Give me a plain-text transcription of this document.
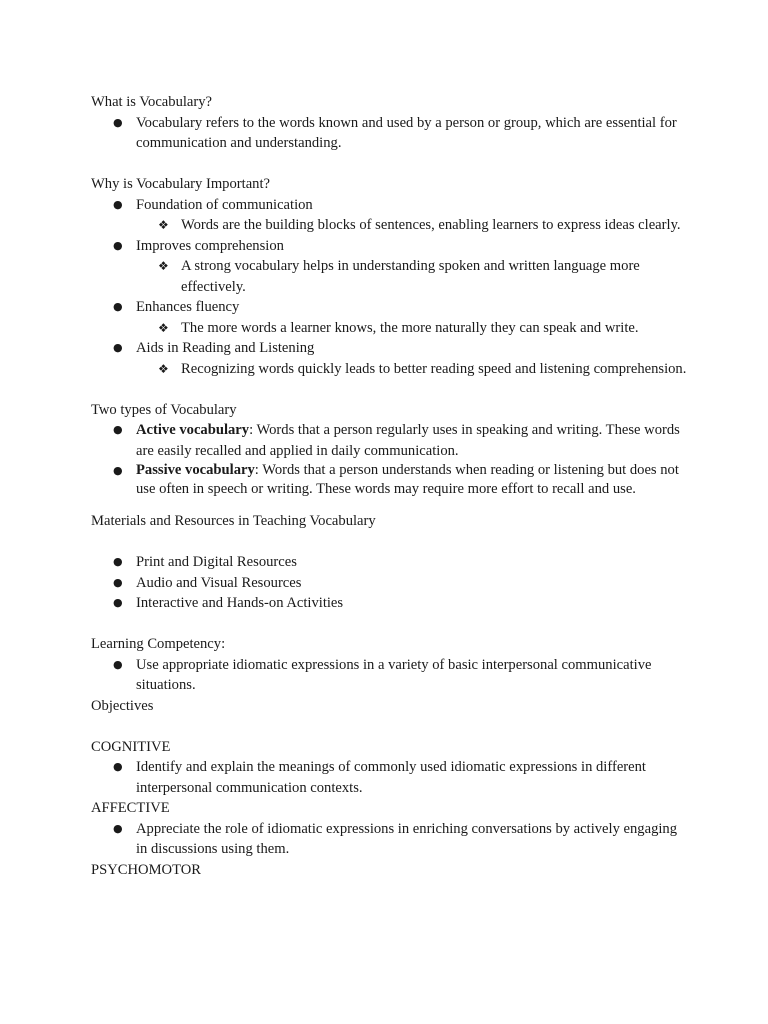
What is Vocabulary?

● Vocabulary refers to the words known and used by a person or group, which are essential for communication and understanding.

Why is Vocabulary Important?

● Foundation of communication
❖ Words are the building blocks of sentences, enabling learners to express ideas clearly.
● Improves comprehension
❖ A strong vocabulary helps in understanding spoken and written language more effectively.
● Enhances fluency
❖ The more words a learner knows, the more naturally they can speak and write.
● Aids in Reading and Listening
❖ Recognizing words quickly leads to better reading speed and listening comprehension.

Two types of Vocabulary

● Active vocabulary: Words that a person regularly uses in speaking and writing. These words are easily recalled and applied in daily communication.
● Passive vocabulary: Words that a person understands when reading or listening but does not use often in speech or writing. These words may require more effort to recall and use.

Materials and Resources in Teaching Vocabulary

● Print and Digital Resources
● Audio and Visual Resources
● Interactive and Hands-on Activities

Learning Competency:

● Use appropriate idiomatic expressions in a variety of basic interpersonal communicative situations.

Objectives

COGNITIVE

● Identify and explain the meanings of commonly used idiomatic expressions in different interpersonal communication contexts.

AFFECTIVE

● Appreciate the role of idiomatic expressions in enriching conversations by actively engaging in discussions using them.

PSYCHOMOTOR
